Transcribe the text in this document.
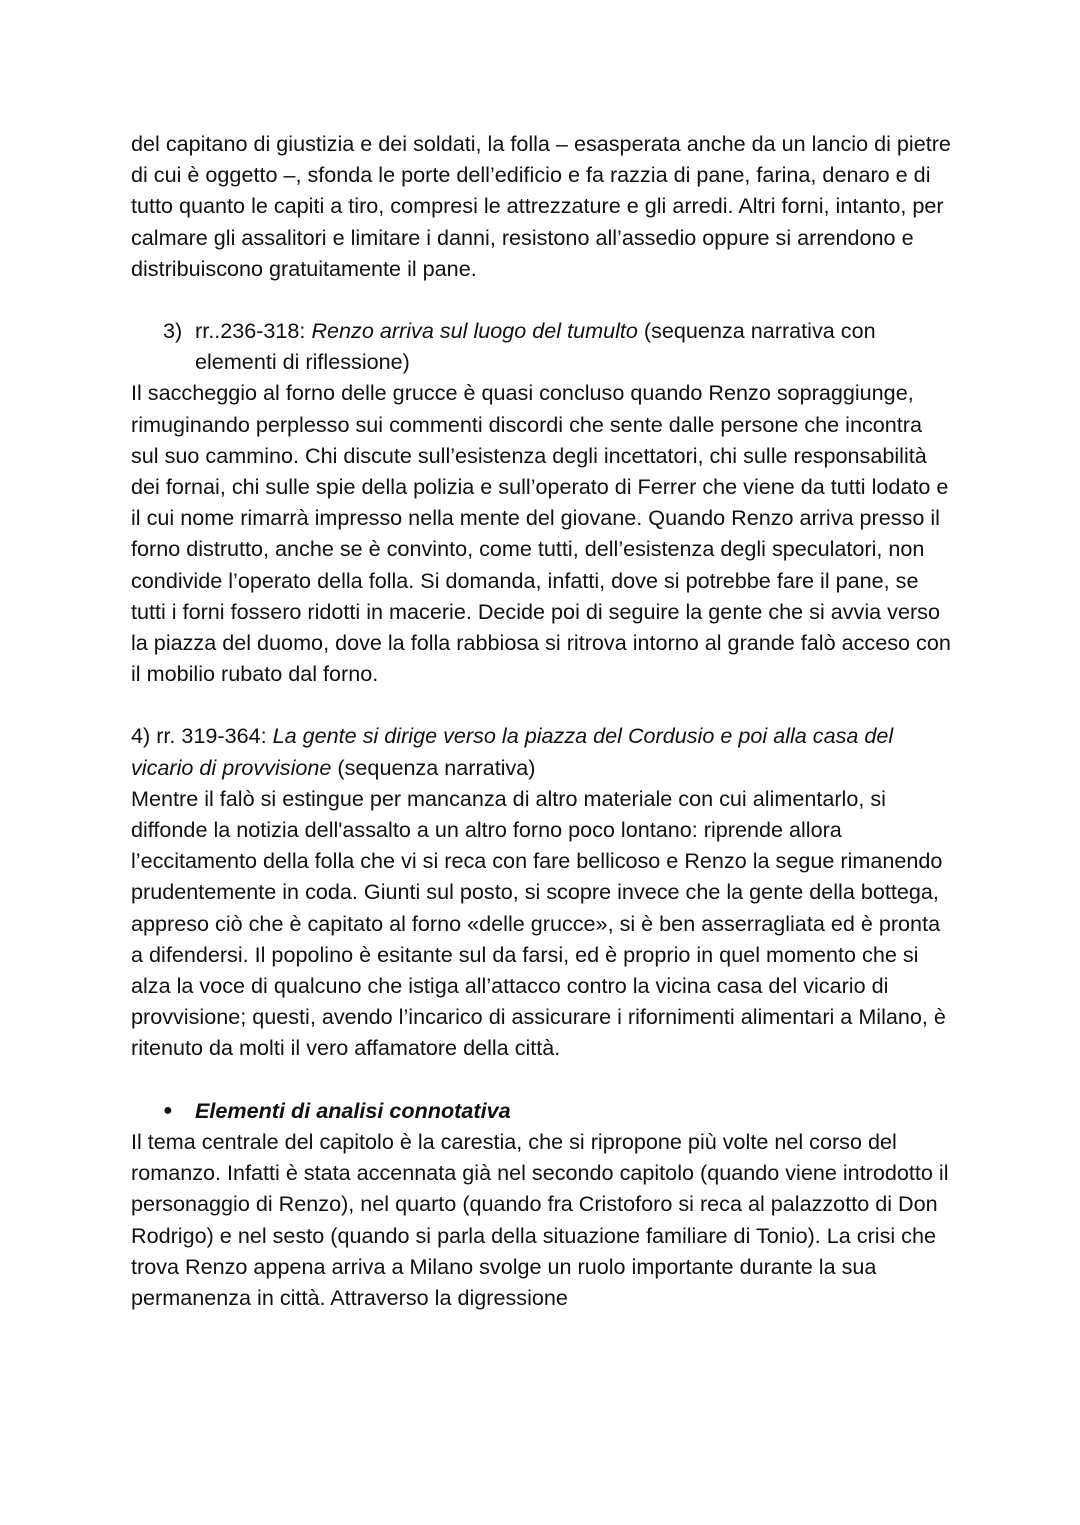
del capitano di giustizia e dei soldati, la folla – esasperata anche da un lancio di pietre di cui è oggetto –, sfonda le porte dell’edificio e fa razzia di pane, farina, denaro e di tutto quanto le capiti a tiro, compresi le attrezzature e gli arredi. Altri forni, intanto, per calmare gli assalitori e limitare i danni, resistono all’assedio oppure si arrendono e distribuiscono gratuitamente il pane.

3) rr..236-318: Renzo arriva sul luogo del tumulto (sequenza narrativa con elementi di riflessione)

Il saccheggio al forno delle grucce è quasi concluso quando Renzo sopraggiunge, rimuginando perplesso sui commenti discordi che sente dalle persone che incontra sul suo cammino. Chi discute sull’esistenza degli incettatori, chi sulle responsabilità dei fornai, chi sulle spie della polizia e sull’operato di Ferrer che viene da tutti lodato e il cui nome rimarrà impresso nella mente del giovane. Quando Renzo arriva presso il forno distrutto, anche se è convinto, come tutti, dell’esistenza degli speculatori, non condivide l’operato della folla. Si domanda, infatti, dove si potrebbe fare il pane, se tutti i forni fossero ridotti in macerie. Decide poi di seguire la gente che si avvia verso la piazza del duomo, dove la folla rabbiosa si ritrova intorno al grande falò acceso con il mobilio rubato dal forno.

4) rr. 319-364: La gente si dirige verso la piazza del Cordusio e poi alla casa del vicario di provvisione (sequenza narrativa)

Mentre il falò si estingue per mancanza di altro materiale con cui alimentarlo, si diffonde la notizia dell'assalto a un altro forno poco lontano: riprende allora l’eccitamento della folla che vi si reca con fare bellicoso e Renzo la segue rimanendo prudentemente in coda. Giunti sul posto, si scopre invece che la gente della bottega, appreso ciò che è capitato al forno «delle grucce», si è ben asserragliata ed è pronta a difendersi. Il popolino è esitante sul da farsi, ed è proprio in quel momento che si alza la voce di qualcuno che istiga all’attacco contro la vicina casa del vicario di provvisione; questi, avendo l’incarico di assicurare i rifornimenti alimentari a Milano, è ritenuto da molti il vero affamatore della città.

●	Elementi di analisi connotativa

Il tema centrale del capitolo è la carestia, che si ripropone più volte nel corso del romanzo. Infatti è stata accennata già nel secondo capitolo (quando viene introdotto il personaggio di Renzo), nel quarto (quando fra Cristoforo si reca al palazzotto di Don Rodrigo) e nel sesto (quando si parla della situazione familiare di Tonio). La crisi che trova Renzo appena arriva a Milano svolge un ruolo importante durante la sua permanenza in città. Attraverso la digressione
